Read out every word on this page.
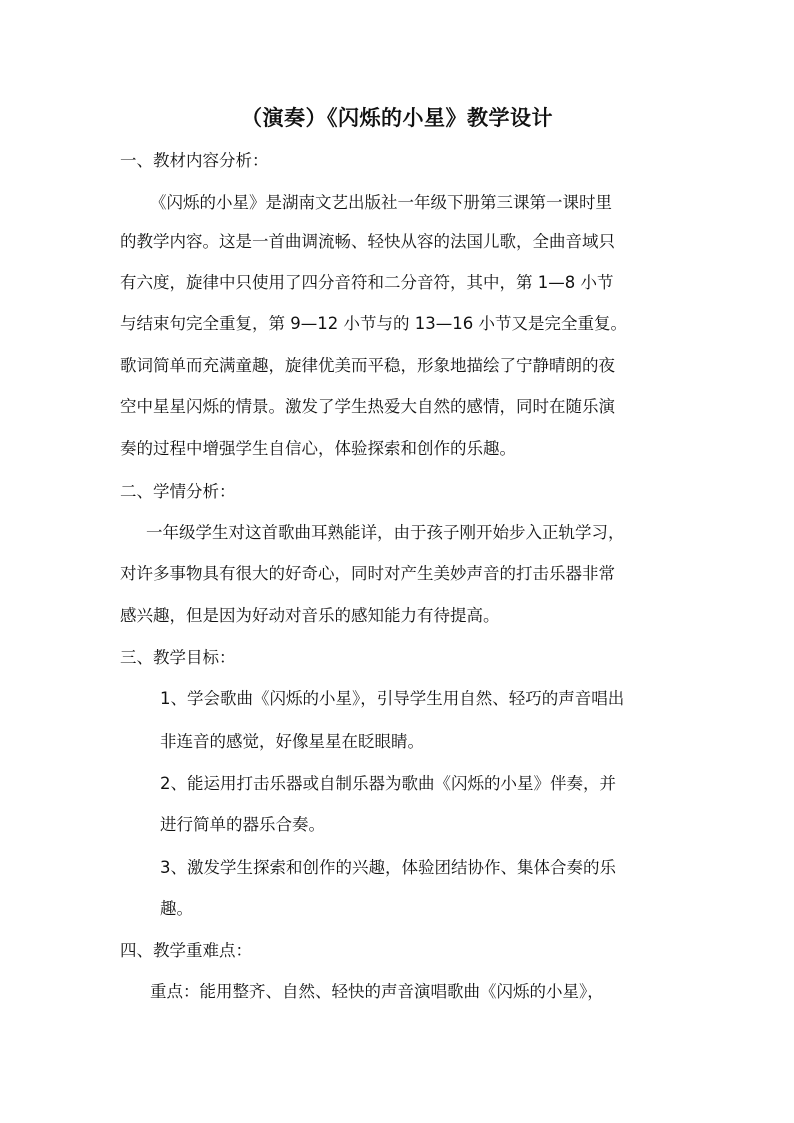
（演奏）《闪烁的小星》教学设计
一、教材内容分析：
《闪烁的小星》是湖南文艺出版社一年级下册第三课第一课时里
的教学内容。这是一首曲调流畅、轻快从容的法国儿歌，全曲音域只
有六度，旋律中只使用了四分音符和二分音符，其中，第 1—8 小节
与结束句完全重复，第 9—12 小节与的 13—16 小节又是完全重复。
歌词简单而充满童趣，旋律优美而平稳，形象地描绘了宁静晴朗的夜
空中星星闪烁的情景。激发了学生热爱大自然的感情，同时在随乐演
奏的过程中增强学生自信心，体验探索和创作的乐趣。
二、学情分析：
一年级学生对这首歌曲耳熟能详，由于孩子刚开始步入正轨学习，
对许多事物具有很大的好奇心，同时对产生美妙声音的打击乐器非常
感兴趣，但是因为好动对音乐的感知能力有待提高。
三、教学目标：
1、学会歌曲《闪烁的小星》，引导学生用自然、轻巧的声音唱出
非连音的感觉，好像星星在眨眼睛。
2、能运用打击乐器或自制乐器为歌曲《闪烁的小星》伴奏，并
进行简单的器乐合奏。
3、激发学生探索和创作的兴趣，体验团结协作、集体合奏的乐
趣。
四、教学重难点：
重点：能用整齐、自然、轻快的声音演唱歌曲《闪烁的小星》，
